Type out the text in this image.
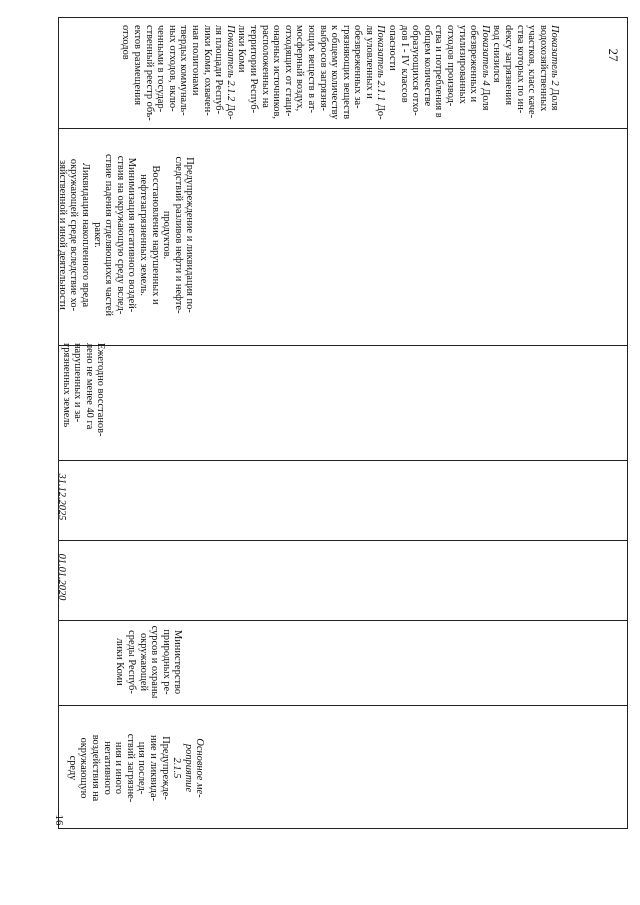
27

16

Основное ме-
роприятие
2.1.5
Предупрежде-
ние и ликвида-
ция послед-
ствий загрязне-
ния и иного
негативного
воздействия на
окружающую
среду

Министерство
природных ре-
сурсов и охраны
окружающей
среды Респуб-
лики Коми

01.01.2020

31.12.2025

Ежегодно восстанов-
лено не менее 40 га
нарушенных и за-
грязненных земель

Предупреждение и ликвидация по-
следствий разливов нефти и нефте-
продуктов.
Восстановление нарушенных и
нефтезагрязненных земель.
Минимизация негативного воздей-
ствия на окружающую среду вслед-
ствие падения отделяющихся частей
ракет.
Ликвидация накопленного вреда
окружающей среде вследствие хо-
зяйственной и иной деятельности

Показатель 2 Доля
водохозяйственных
участков, класс каче-
ства которых по ин-
dексу загрязнения
вод снизился
Показатель 4 Доля
обезвреженных и
утилизированных
отходов производ-
ства и потребления в
общем количестве
образующихся отхо-
дов I - IV классов
опасности
Показатель 2.1.1 До-
ля уловленных и
обезвреженных за-
грязняющих веществ
к общему количеству
выбросов загрязня-
ющих веществ в ат-
мосферный воздух,
отходящих от стаци-
онарных источников,
расположенных на
территории Респуб-
лики Коми
Показатель 2.1.2 До-
ля площади Респуб-
лики Коми, охвачен-
ная полигонами
твердых коммуналь-
ных отходов, вклю-
ченными в государ-
ственный реестр объ-
ектов размещения
отходов
